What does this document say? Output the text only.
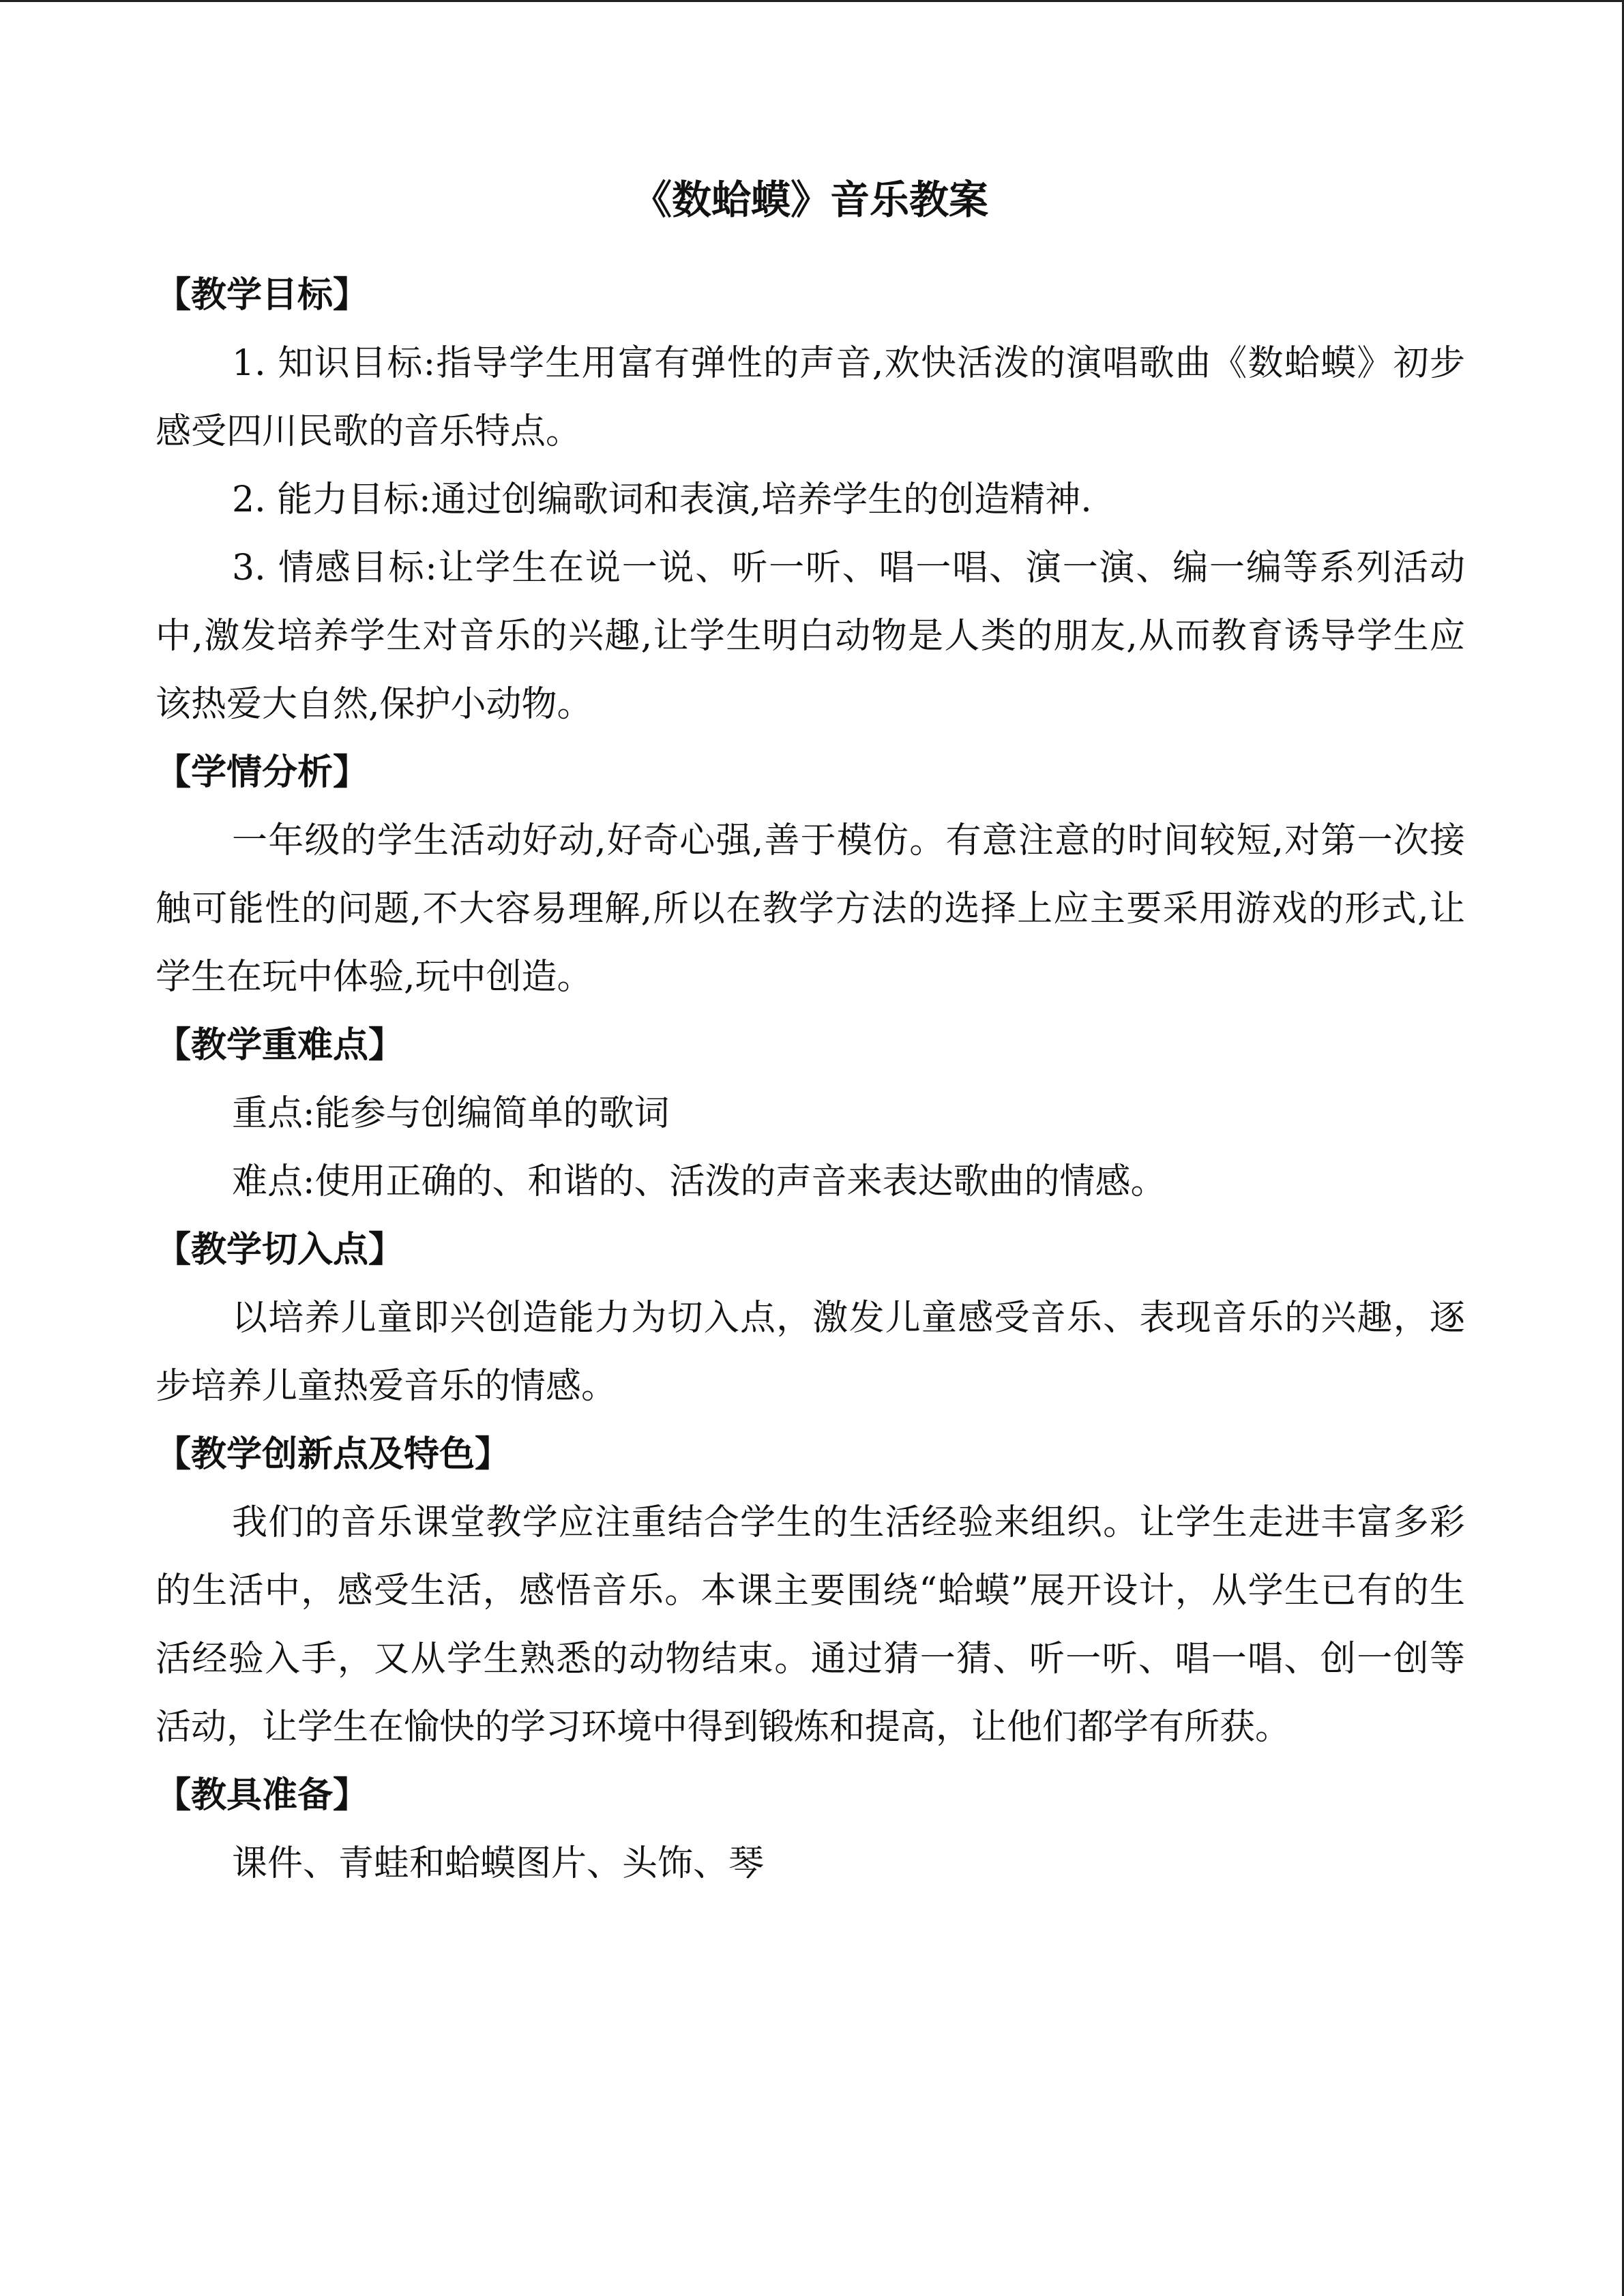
《数蛤蟆》音乐教案
【教学目标】

1. 知识目标:指导学生用富有弹性的声音,欢快活泼的演唱歌曲《数蛤蟆》初步感受四川民歌的音乐特点。

2. 能力目标:通过创编歌词和表演,培养学生的创造精神.

3. 情感目标:让学生在说一说、听一听、唱一唱、演一演、编一编等系列活动中,激发培养学生对音乐的兴趣,让学生明白动物是人类的朋友,从而教育诱导学生应该热爱大自然,保护小动物。

【学情分析】

一年级的学生活动好动,好奇心强,善于模仿。有意注意的时间较短,对第一次接触可能性的问题,不大容易理解,所以在教学方法的选择上应主要采用游戏的形式,让学生在玩中体验,玩中创造。

【教学重难点】

重点:能参与创编简单的歌词

难点:使用正确的、和谐的、活泼的声音来表达歌曲的情感。

【教学切入点】

以培养儿童即兴创造能力为切入点，激发儿童感受音乐、表现音乐的兴趣，逐步培养儿童热爱音乐的情感。

【教学创新点及特色】

我们的音乐课堂教学应注重结合学生的生活经验来组织。让学生走进丰富多彩的生活中，感受生活，感悟音乐。本课主要围绕“蛤蟆”展开设计，从学生已有的生活经验入手，又从学生熟悉的动物结束。通过猜一猜、听一听、唱一唱、创一创等活动，让学生在愉快的学习环境中得到锻炼和提高，让他们都学有所获。

【教具准备】

课件、青蛙和蛤蟆图片、头饰、琴
